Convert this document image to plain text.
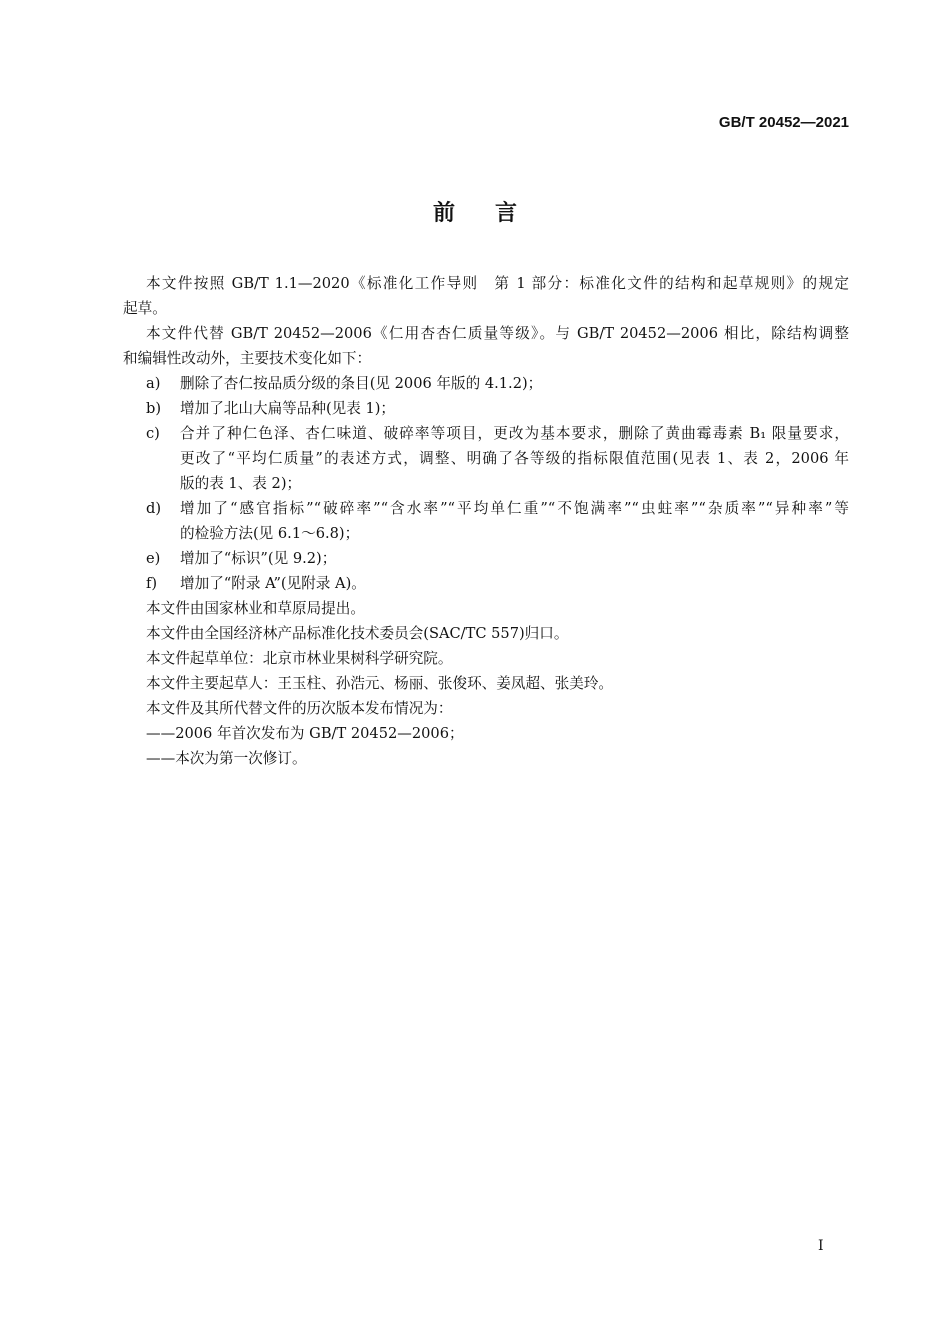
GB/T 20452—2021
前言
本文件按照 GB/T 1.1—2020《标准化工作导则　第 1 部分：标准化文件的结构和起草规则》的规定
起草。
本文件代替 GB/T 20452—2006《仁用杏杏仁质量等级》。与 GB/T 20452—2006 相比，除结构调整
和编辑性改动外，主要技术变化如下：
a) 删除了杏仁按品质分级的条目(见 2006 年版的 4.1.2)；
b) 增加了北山大扁等品种(见表 1)；
c) 合并了种仁色泽、杏仁味道、破碎率等项目，更改为基本要求，删除了黄曲霉毒素 B₁ 限量要求，
更改了“平均仁质量”的表述方式，调整、明确了各等级的指标限值范围(见表 1、表 2，2006 年
版的表 1、表 2)；
d) 增加了“感官指标”“破碎率”“含水率”“平均单仁重”“不饱满率”“虫蛀率”“杂质率”“异种率”等
的检验方法(见 6.1～6.8)；
e) 增加了“标识”(见 9.2)；
f) 增加了“附录 A”(见附录 A)。
本文件由国家林业和草原局提出。
本文件由全国经济林产品标准化技术委员会(SAC/TC 557)归口。
本文件起草单位：北京市林业果树科学研究院。
本文件主要起草人：王玉柱、孙浩元、杨丽、张俊环、姜凤超、张美玲。
本文件及其所代替文件的历次版本发布情况为：
——2006 年首次发布为 GB/T 20452—2006；
——本次为第一次修订。
I
